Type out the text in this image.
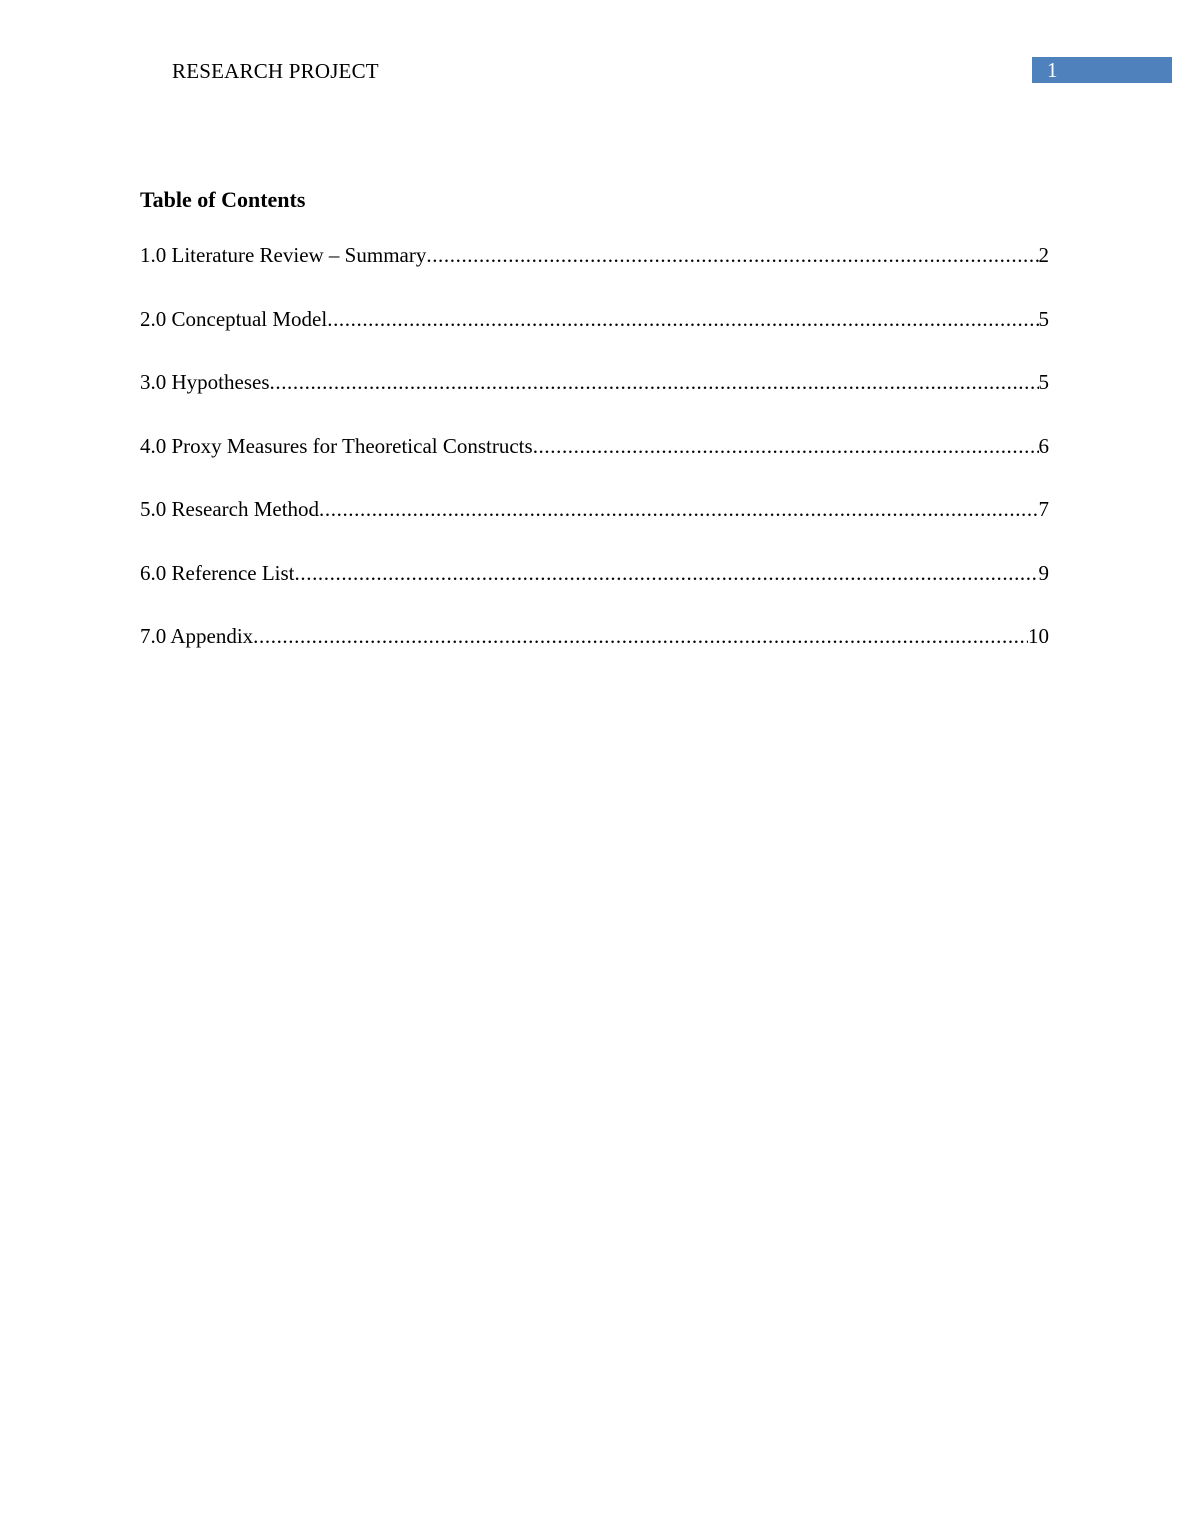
RESEARCH PROJECT	1
Table of Contents
1.0 Literature Review – Summary .....	2
2.0 Conceptual Model .....	5
3.0 Hypotheses .....	5
4.0 Proxy Measures for Theoretical Constructs .....	6
5.0 Research Method .....	7
6.0 Reference List .....	9
7.0 Appendix .....	10
